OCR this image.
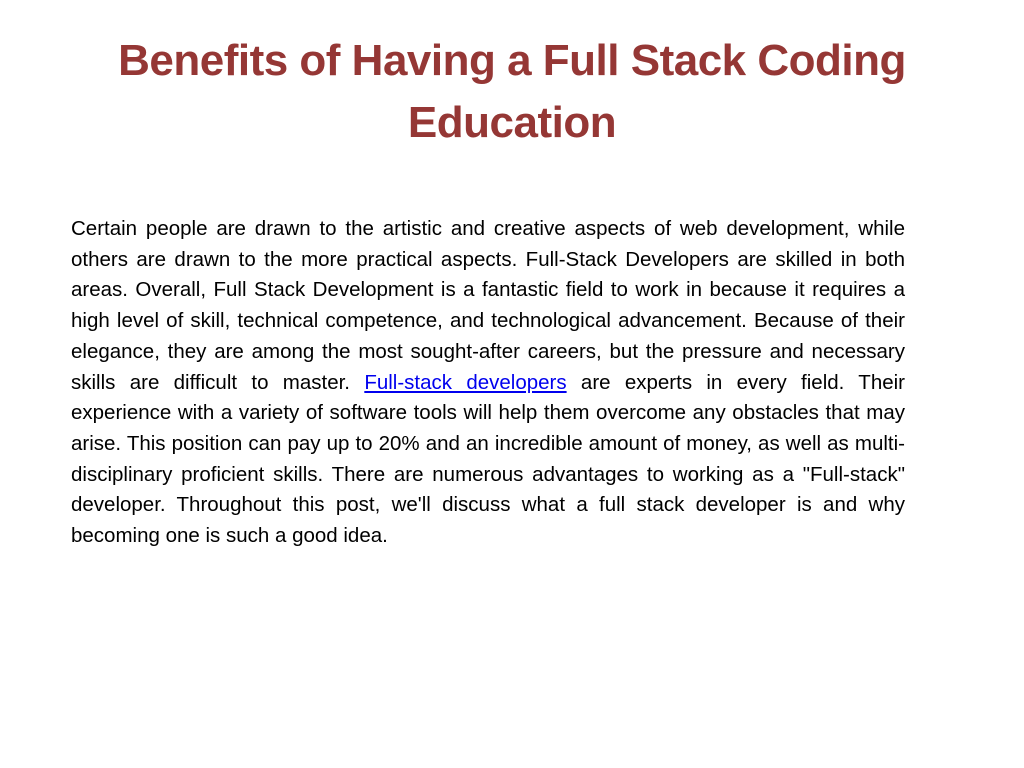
Benefits of Having a Full Stack Coding Education

Certain people are drawn to the artistic and creative aspects of web development, while others are drawn to the more practical aspects. Full-Stack Developers are skilled in both areas. Overall, Full Stack Development is a fantastic field to work in because it requires a high level of skill, technical competence, and technological advancement. Because of their elegance, they are among the most sought-after careers, but the pressure and necessary skills are difficult to master. Full-stack developers are experts in every field. Their experience with a variety of software tools will help them overcome any obstacles that may arise. This position can pay up to 20% and an incredible amount of money, as well as multi-disciplinary proficient skills. There are numerous advantages to working as a "Full-stack" developer. Throughout this post, we'll discuss what a full stack developer is and why becoming one is such a good idea.
